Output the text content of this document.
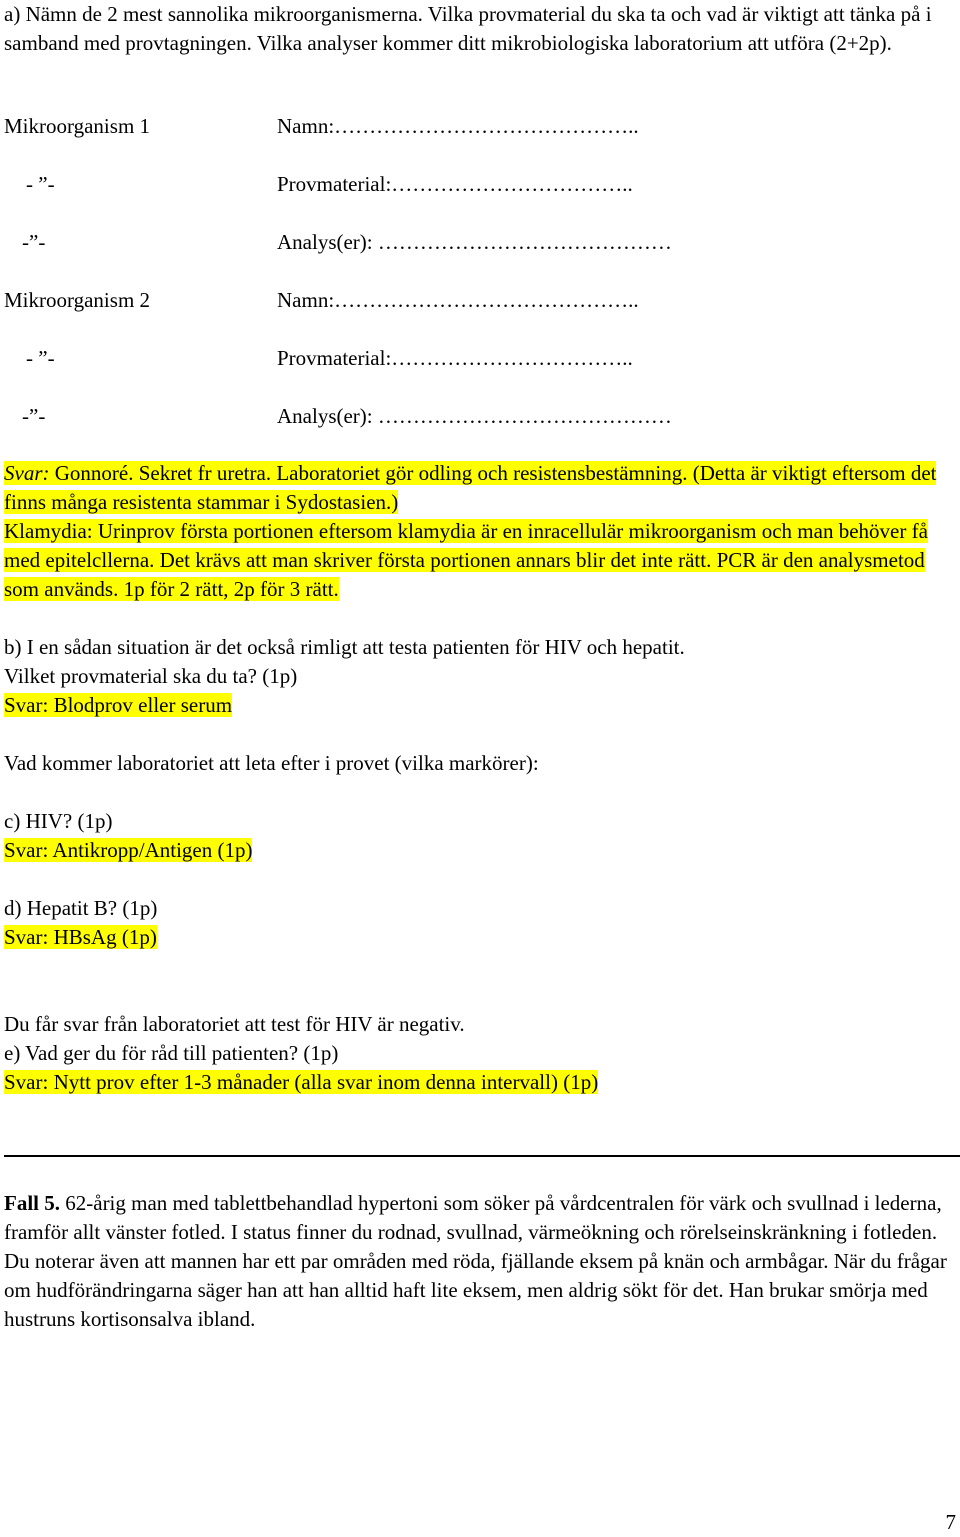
a) Nämn de 2 mest sannolika mikroorganismerna. Vilka provmaterial du ska ta och vad är viktigt att tänka på i samband med provtagningen. Vilka analyser kommer ditt mikrobiologiska laboratorium att utföra (2+2p).

Mikroorganism 1	Namn:……………………………………..
- ”-	Provmaterial:……………………………..
-”-	Analys(er): ……………………………………
Mikroorganism 2	Namn:……………………………………..
- ”-	Provmaterial:……………………………..
-”-	Analys(er): ……………………………………

Svar: Gonnoré. Sekret fr uretra. Laboratoriet gör odling och resistensbestämning. (Detta är viktigt eftersom det finns många resistenta stammar i Sydostasien.)

Klamydia: Urinprov första portionen eftersom klamydia är en inracellulär mikroorganism och man behöver få med epitelcllerna. Det krävs att man skriver första portionen annars blir det inte rätt. PCR är den analysmetod som används. 1p för 2 rätt, 2p för 3 rätt.

b) I en sådan situation är det också rimligt att testa patienten för HIV och hepatit.

Vilket provmaterial ska du ta? (1p)

Svar: Blodprov eller serum

Vad kommer laboratoriet att leta efter i provet (vilka markörer):

c) HIV? (1p)

Svar: Antikropp/Antigen (1p)

d) Hepatit B? (1p)

Svar: HBsAg (1p)

Du får svar från laboratoriet att test för HIV är negativ.

e) Vad ger du för råd till patienten? (1p)

Svar: Nytt prov efter 1-3 månader (alla svar inom denna intervall) (1p)

Fall 5. 62-årig man med tablettbehandlad hypertoni som söker på vårdcentralen för värk och svullnad i lederna, framför allt vänster fotled. I status finner du rodnad, svullnad, värmeökning och rörelseinskränkning i fotleden. Du noterar även att mannen har ett par områden med röda, fjällande eksem på knän och armbågar. När du frågar om hudförändringarna säger han att han alltid haft lite eksem, men aldrig sökt för det. Han brukar smörja med hustruns kortisonsalva ibland.

7
